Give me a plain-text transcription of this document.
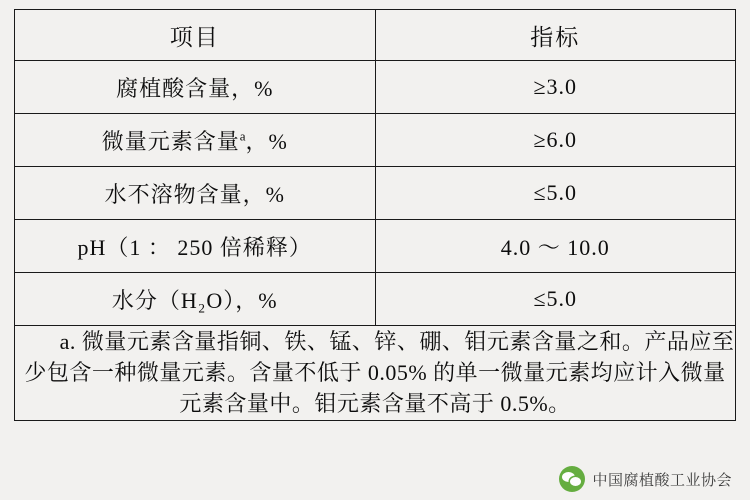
项目	指标
腐植酸含量，%	≥3.0
微量元素含量$^a$，%	≥6.0
水不溶物含量，%	≤5.0
pH（1 ： 250 倍稀释）	4.0 ～ 10.0
水分（H₂O），%	≤5.0

a. 微量元素含量指铜、铁、锰、锌、硼、钼元素含量之和。产品应至少包含一种微量元素。含量不低于 0.05% 的单一微量元素均应计入微量元素含量中。钼元素含量不高于 0.5%。	

中国腐植酸工业协会
